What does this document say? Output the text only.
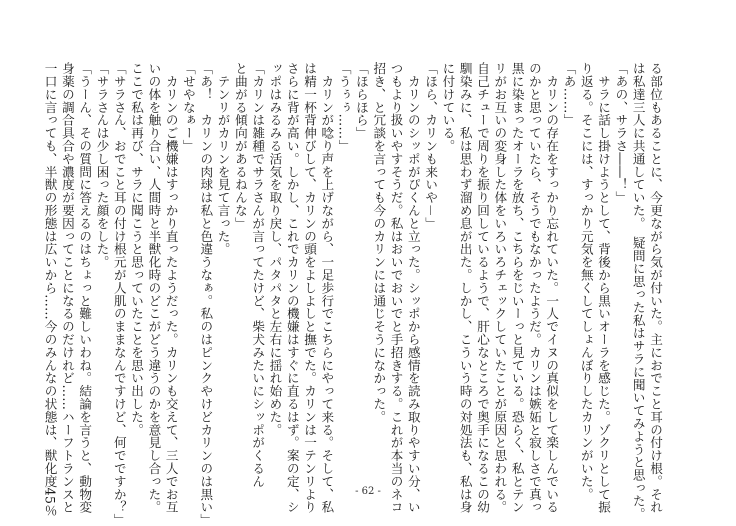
る部位もあることに、今更ながら気が付いた。主におでこと耳の付け根。それ
は私達三人に共通していた。　疑問に思った私はサラに聞いてみようと思った。
「あの、サラさ――！」
　サラに話し掛けようとして、背後から黒いオーラを感じた。ゾクリとして振
り返る。そこには、すっかり元気を無くしてしょんぼりしたカリンがいた。
「あ……」
　カリンの存在をすっかり忘れていた。一人でイヌの真似をして楽しんでいる
のかと思っていたら、そうでもなかったようだ。カリンは嫉妬と寂しさで真っ
黒に染まったオーラを放ち、こちらをじいーっと見ている。恐らく、私とテン
リがお互いの変身した体をいろいろチェックしていたことが原因と思われる。
自己チューで周りを振り回しているようで、肝心なところで奥手になるこの幼
馴染みに、私は思わず溜め息が出た。しかし、こういう時の対処法も、私は身
に付けている。
「ほら、カリンも来いや－」
　カリンのシッポがぴくんと立った。シッポから感情を読み取りやすい分、い
つもより扱いやすそうだ。私はおいでおいでと手招きする。これが本当のネコ
招き、と冗談を言っても今のカリンには通じそうになかった。
「ほらほら」
「うぅぅ……」
　カリンが唸り声を上げながら、一足歩行でこちらにやって来る。そして、私
は精一杯背伸びして、カリンの頭をよしよしと撫でた。カリンは一テンリより
さらに背が高い。しかし、これでカリンの機嫌はすぐに直るはず。案の定、シ
ッポはみるみる活気を取り戻し、パタパタと左右に揺れ始めた。
「カリンは雑種でサラさんが言ってたけど、柴犬みたいにシッポがくるん
と曲がる傾向があるねんな」
　テンリがカリンを見て言った。
「あ！　カリンの肉球は私と色違うなぁ。私のはピンクやけどカリンのは黒い」
「せやなぁー」
　カリンのご機嫌はすっかり直ったようだった。カリンも交えて、三人でお互
いの体を触り合い、人間時と半獣化時のどこがどう違うのかを意見し合った。
ここで私は再び、サラに聞こうと思っていたことを思い出した。
「サラさん、おでこと耳の付け根元が人肌のままなんですけど、何でですか？」
「サラさんは少し困った顔をした。
「うーん、その質問に答えるのはちょっと難しいわね。結論を言うと、動物変
身薬の調合具合や濃度が要因ってことになるのだけれど……ハーフトランスと
一口に言っても、半獣の形態は広いから……今のみんなの状態は、獣化度45％	- 62 -
